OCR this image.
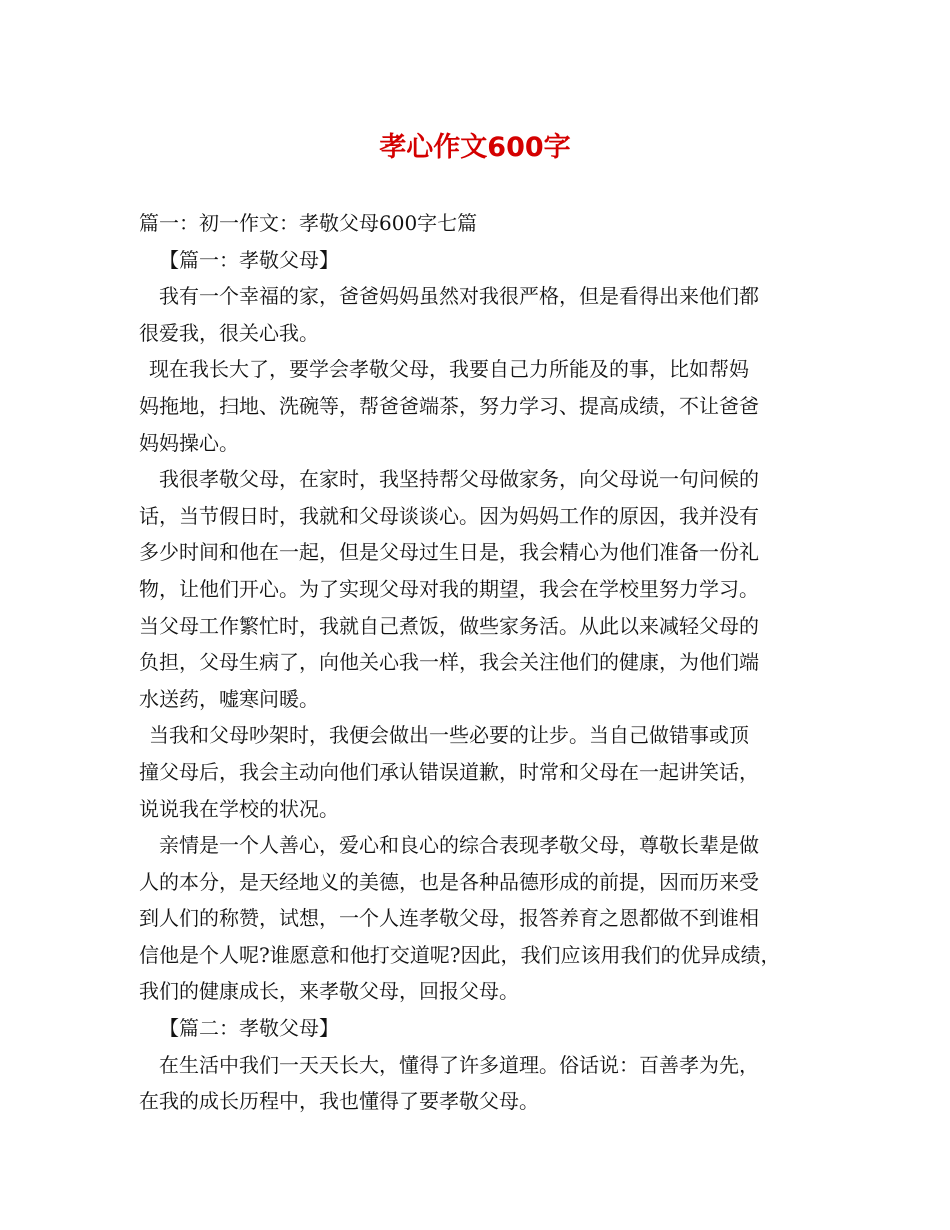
孝心作文600字
篇一：初一作文：孝敬父母600字七篇
【篇一：孝敬父母】
我有一个幸福的家，爸爸妈妈虽然对我很严格，但是看得出来他们都
很爱我，很关心我。
现在我长大了，要学会孝敬父母，我要自己力所能及的事，比如帮妈
妈拖地，扫地、洗碗等，帮爸爸端茶，努力学习、提高成绩，不让爸爸
妈妈操心。
我很孝敬父母，在家时，我坚持帮父母做家务，向父母说一句问候的
话，当节假日时，我就和父母谈谈心。因为妈妈工作的原因，我并没有
多少时间和他在一起，但是父母过生日是，我会精心为他们准备一份礼
物，让他们开心。为了实现父母对我的期望，我会在学校里努力学习。
当父母工作繁忙时，我就自己煮饭，做些家务活。从此以来减轻父母的
负担，父母生病了，向他关心我一样，我会关注他们的健康，为他们端
水送药，嘘寒问暖。
当我和父母吵架时，我便会做出一些必要的让步。当自己做错事或顶
撞父母后，我会主动向他们承认错误道歉，时常和父母在一起讲笑话，
说说我在学校的状况。
亲情是一个人善心，爱心和良心的综合表现孝敬父母，尊敬长辈是做
人的本分，是天经地义的美德，也是各种品德形成的前提，因而历来受
到人们的称赞，试想，一个人连孝敬父母，报答养育之恩都做不到谁相
信他是个人呢?谁愿意和他打交道呢?因此，我们应该用我们的优异成绩，
我们的健康成长，来孝敬父母，回报父母。
【篇二：孝敬父母】
在生活中我们一天天长大，懂得了许多道理。俗话说：百善孝为先，
在我的成长历程中，我也懂得了要孝敬父母。
